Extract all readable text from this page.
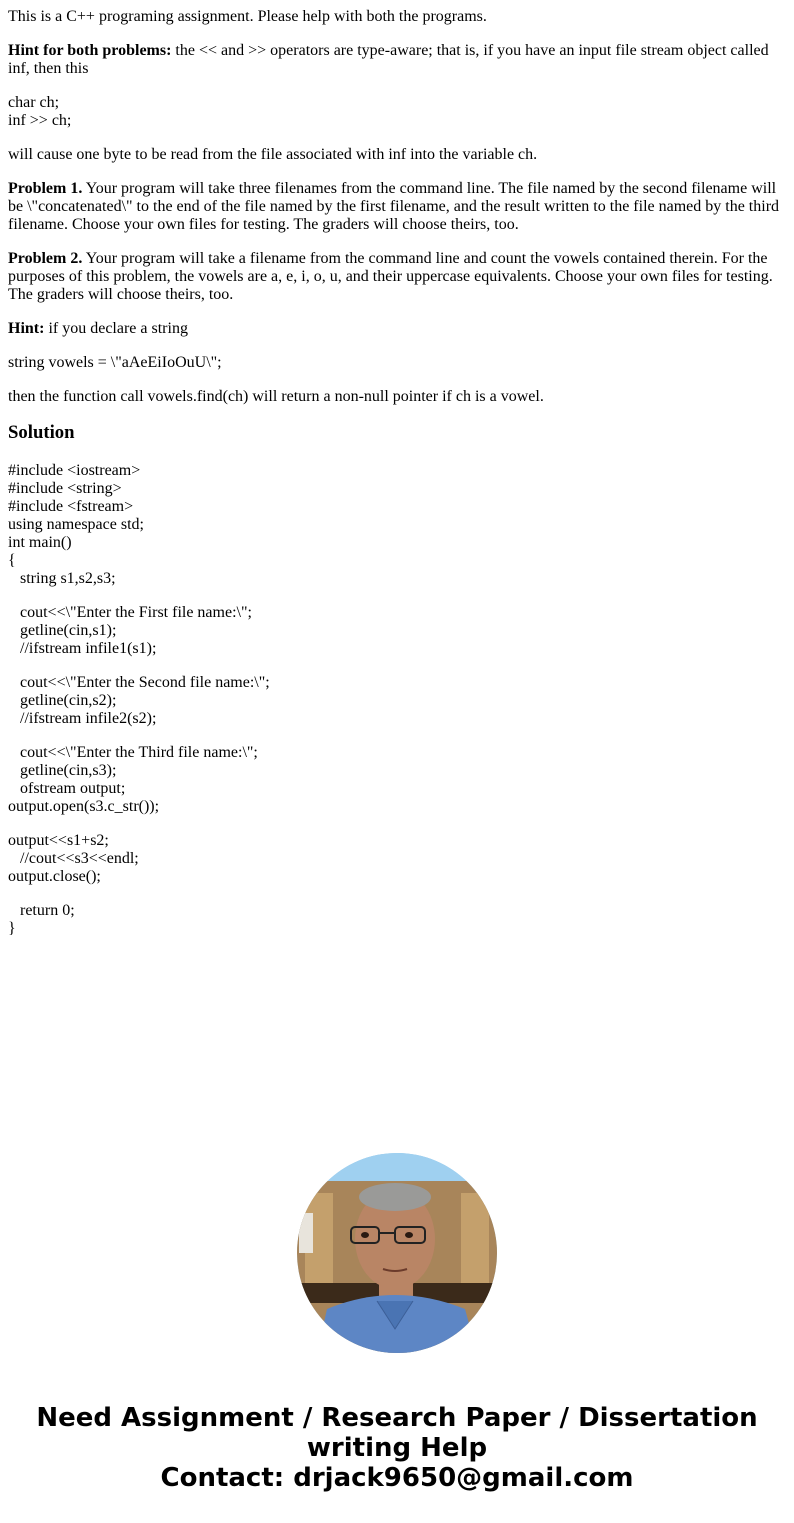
This is a C++ programing assignment. Please help with both the programs.

Hint for both problems: the << and >> operators are type-aware; that is, if you have an input file stream object called inf, then this

char ch;
inf >> ch;

will cause one byte to be read from the file associated with inf into the variable ch.

Problem 1. Your program will take three filenames from the command line. The file named by the second filename will be \"concatenated\" to the end of the file named by the first filename, and the result written to the file named by the third filename. Choose your own files for testing. The graders will choose theirs, too.

Problem 2. Your program will take a filename from the command line and count the vowels contained therein. For the purposes of this problem, the vowels are a, e, i, o, u, and their uppercase equivalents. Choose your own files for testing. The graders will choose theirs, too.

Hint: if you declare a string

string vowels = \"aAeEiIoOuU\";

then the function call vowels.find(ch) will return a non-null pointer if ch is a vowel.

Solution
#include <iostream>
#include <string>
#include <fstream>
using namespace std;
int main()
{
string s1,s2,s3;
cout<<\"Enter the First file name:\";
getline(cin,s1);
//ifstream infile1(s1);
cout<<\"Enter the Second file name:\";
getline(cin,s2);
//ifstream infile2(s2);
cout<<\"Enter the Third file name:\";
getline(cin,s3);
ofstream output;
output.open(s3.c_str());
output<<s1+s2;
//cout<<s3<<endl;
output.close();
return 0;
}
Need Assignment / Research Paper / Dissertation
writing Help
Contact: drjack9650@gmail.com
